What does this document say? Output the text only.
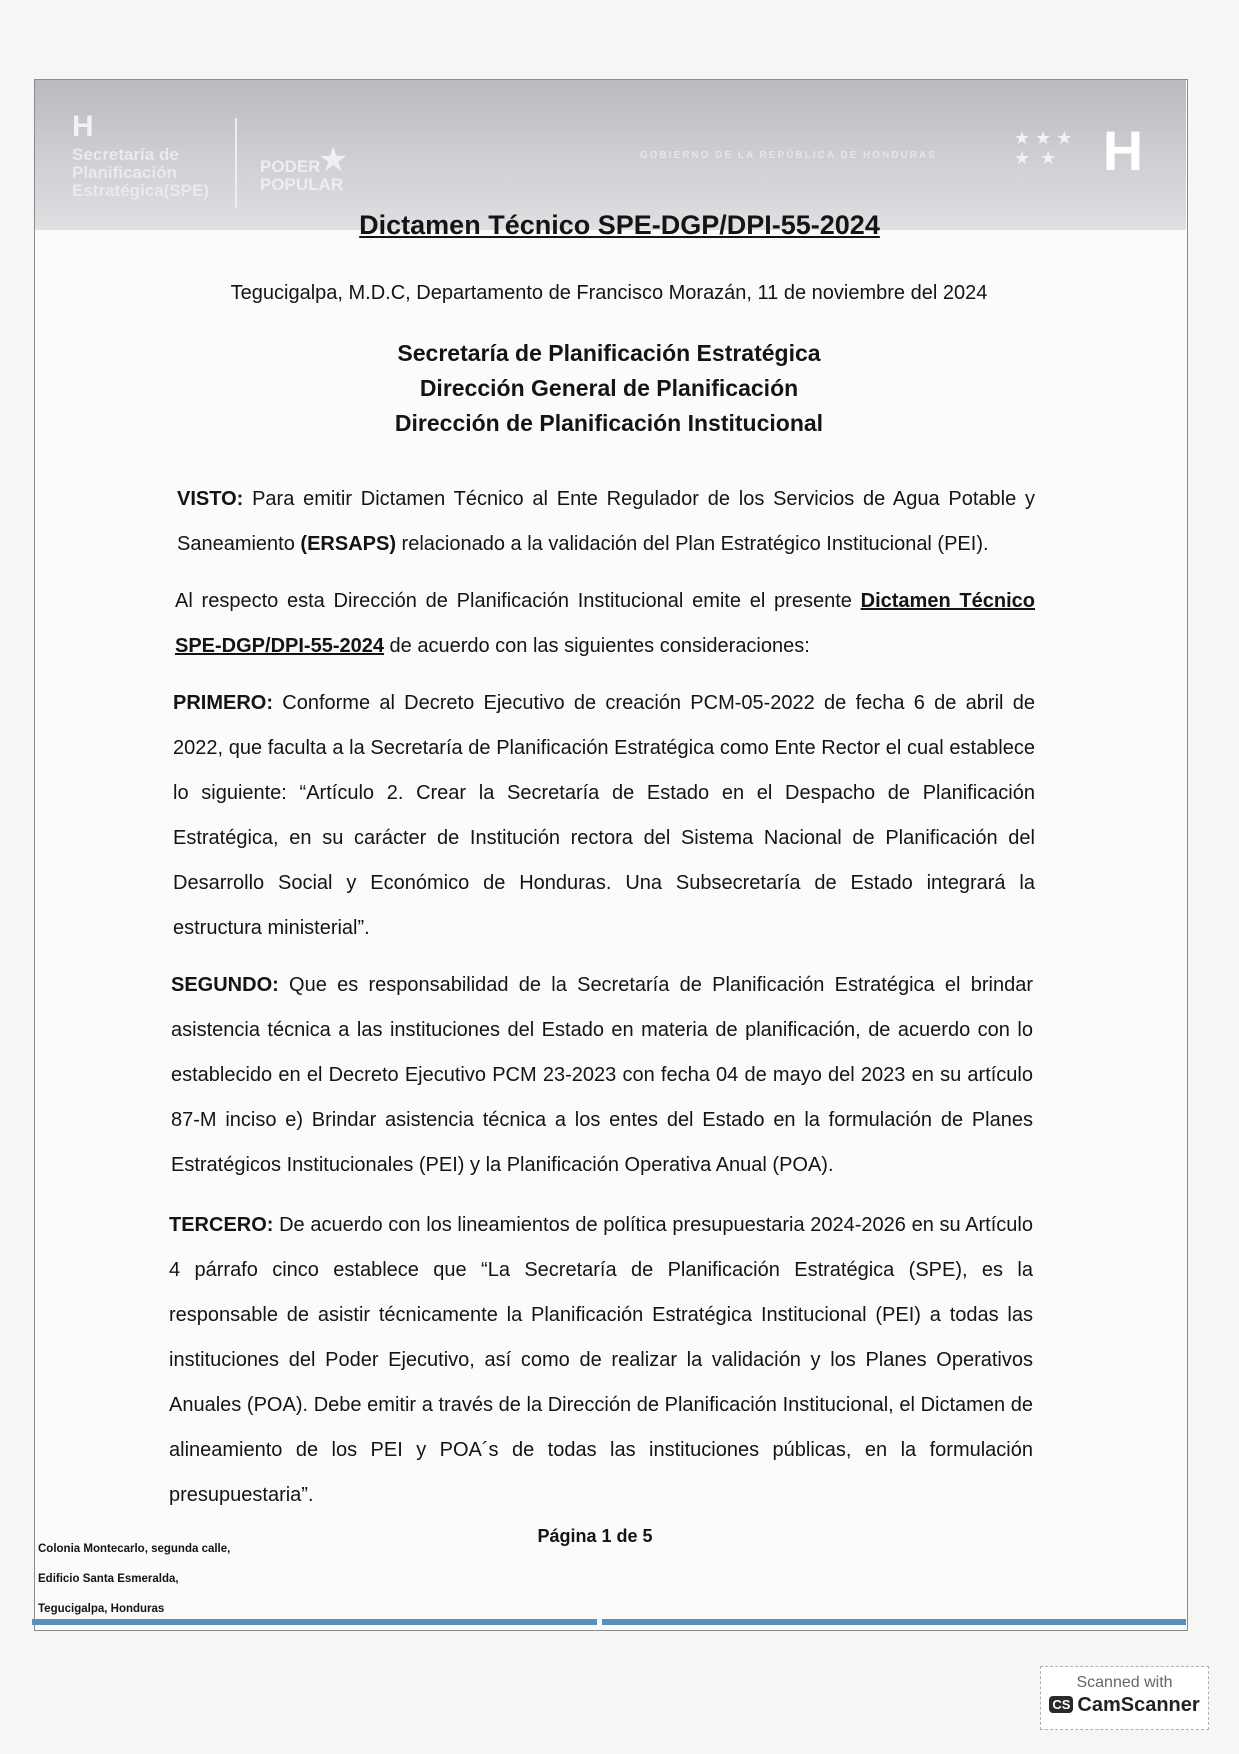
H
Secretaría de
Planificación
Estratégica(SPE)
PODER
POPULAR
★	GOBIERNO DE LA REPÚBLICA DE HONDURAS
★ ★ ★
★  ★ H
Dictamen Técnico SPE-DGP/DPI-55-2024
Tegucigalpa, M.D.C, Departamento de Francisco Morazán, 11 de noviembre del 2024
Secretaría de Planificación Estratégica
Dirección General de Planificación
Dirección de Planificación Institucional
VISTO: Para emitir Dictamen Técnico al Ente Regulador de los Servicios de Agua Potable y Saneamiento (ERSAPS) relacionado a la validación del Plan Estratégico Institucional (PEI).
Al respecto esta Dirección de Planificación Institucional emite el presente Dictamen Técnico SPE-DGP/DPI-55-2024 de acuerdo con las siguientes consideraciones:
PRIMERO: Conforme al Decreto Ejecutivo de creación PCM-05-2022 de fecha 6 de abril de 2022, que faculta a la Secretaría de Planificación Estratégica como Ente Rector el cual establece lo siguiente: “Artículo 2. Crear la Secretaría de Estado en el Despacho de Planificación Estratégica, en su carácter de Institución rectora del Sistema Nacional de Planificación del Desarrollo Social y Económico de Honduras. Una Subsecretaría de Estado integrará la estructura ministerial”.
SEGUNDO: Que es responsabilidad de la Secretaría de Planificación Estratégica el brindar asistencia técnica a las instituciones del Estado en materia de planificación, de acuerdo con lo establecido en el Decreto Ejecutivo PCM 23-2023 con fecha 04 de mayo del 2023 en su artículo 87-M inciso e) Brindar asistencia técnica a los entes del Estado en la formulación de Planes Estratégicos Institucionales (PEI) y la Planificación Operativa Anual (POA).
TERCERO: De acuerdo con los lineamientos de política presupuestaria 2024-2026 en su Artículo 4 párrafo cinco establece que “La Secretaría de Planificación Estratégica (SPE), es la responsable de asistir técnicamente la Planificación Estratégica Institucional (PEI) a todas las instituciones del Poder Ejecutivo, así como de realizar la validación y los Planes Operativos Anuales (POA). Debe emitir a través de la Dirección de Planificación Institucional, el Dictamen de alineamiento de los PEI y POA´s de todas las instituciones públicas, en la formulación presupuestaria”.
Colonia Montecarlo, segunda calle,
Edificio Santa Esmeralda,
Tegucigalpa, Honduras
Página 1 de 5
Scanned with
CS CamScanner
